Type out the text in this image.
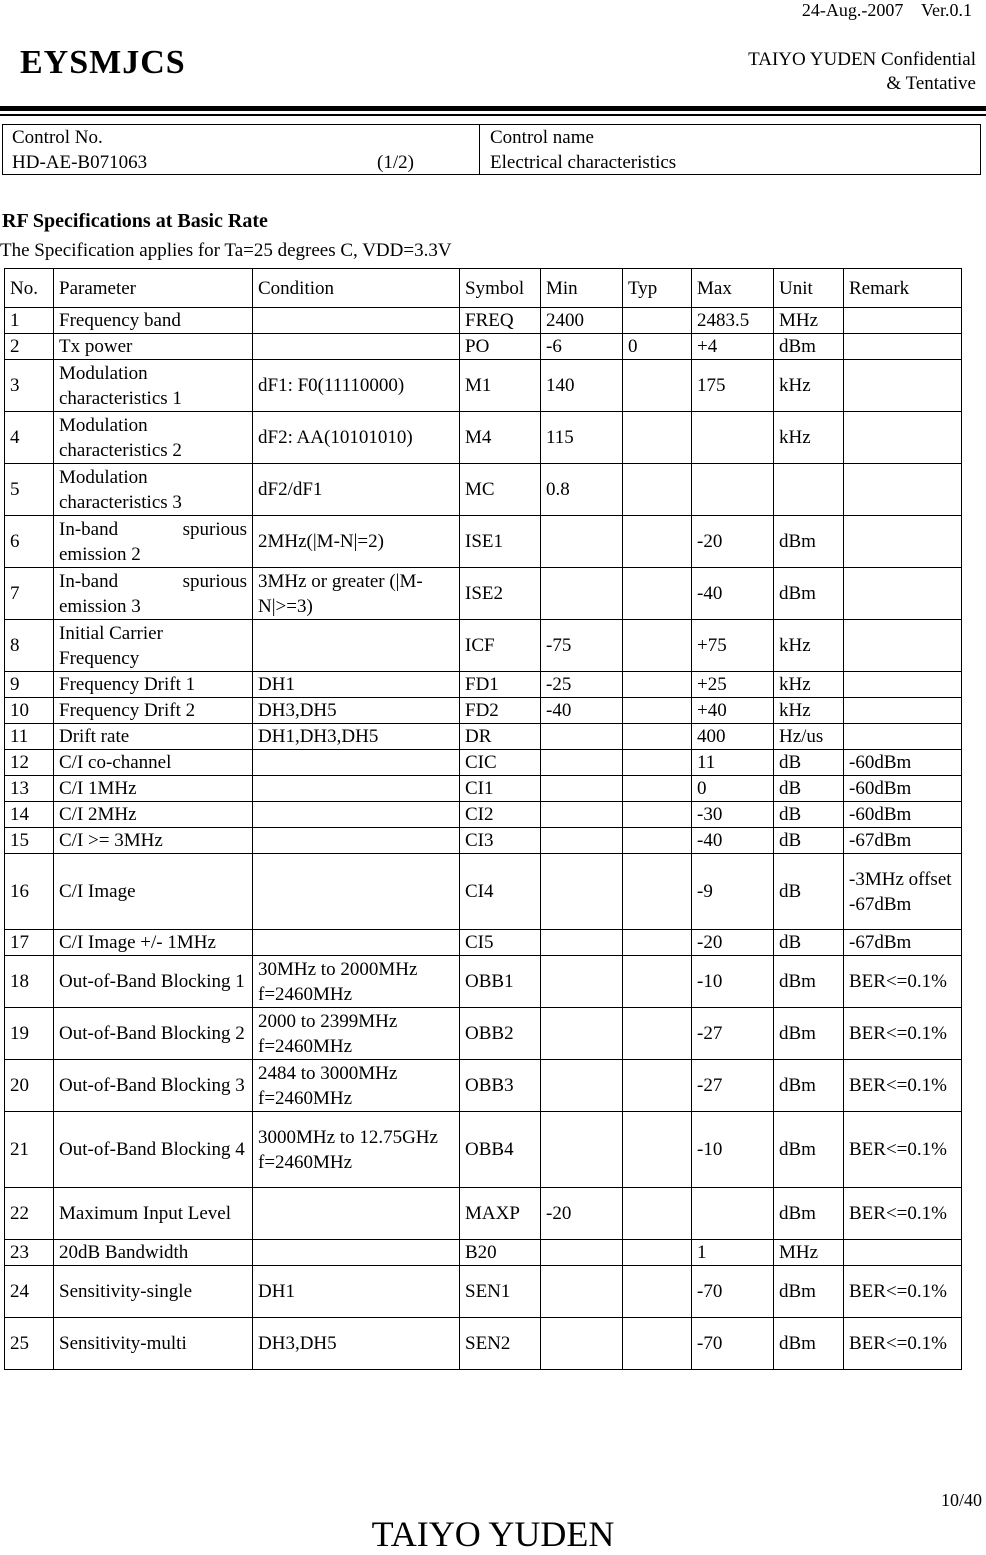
24-Aug.-2007    Ver.0.1
EYSMJCS	TAIYO YUDEN Confidential
& Tentative
Control No.
HD-AE-B071063	(1/2)
Control name
Electrical characteristics
RF Specifications at Basic Rate
The Specification applies for Ta=25 degrees C, VDD=3.3V
No.	Parameter	Condition	Symbol	Min	Typ	Max	Unit	Remark
1	Frequency band		FREQ	2400		2483.5	MHz	
2	Tx power		PO	-6	0	+4	dBm	
3	Modulation characteristics 1	dF1: F0(11110000)	M1	140		175	kHz	
4	Modulation characteristics 2	dF2: AA(10101010)	M4	115			kHz	
5	Modulation characteristics 3	dF2/dF1	MC	0.8				
6	In-band spurious emission 2	2MHz(|M-N|=2)	ISE1			-20	dBm	
7	In-band spurious emission 3	3MHz or greater (|M-N|>=3)	ISE2			-40	dBm	
8	Initial Carrier Frequency		ICF	-75		+75	kHz	
9	Frequency Drift 1	DH1	FD1	-25		+25	kHz	
10	Frequency Drift 2	DH3,DH5	FD2	-40		+40	kHz	
11	Drift rate	DH1,DH3,DH5	DR			400	Hz/us	
12	C/I co-channel		CIC			11	dB	-60dBm
13	C/I 1MHz		CI1			0	dB	-60dBm
14	C/I 2MHz		CI2			-30	dB	-60dBm
15	C/I >= 3MHz		CI3			-40	dB	-67dBm
16	C/I Image		CI4			-9	dB	-3MHz offset -67dBm
17	C/I Image +/- 1MHz		CI5			-20	dB	-67dBm
18	Out-of-Band Blocking 1	30MHz to 2000MHz f=2460MHz	OBB1			-10	dBm	BER<=0.1%
19	Out-of-Band Blocking 2	2000 to 2399MHz f=2460MHz	OBB2			-27	dBm	BER<=0.1%
20	Out-of-Band Blocking 3	2484 to 3000MHz f=2460MHz	OBB3			-27	dBm	BER<=0.1%
21	Out-of-Band Blocking 4	3000MHz to 12.75GHz f=2460MHz	OBB4			-10	dBm	BER<=0.1%
22	Maximum Input Level		MAXP	-20			dBm	BER<=0.1%
23	20dB Bandwidth		B20			1	MHz	
24	Sensitivity-single	DH1	SEN1			-70	dBm	BER<=0.1%
25	Sensitivity-multi	DH3,DH5	SEN2			-70	dBm	BER<=0.1%
10/40
TAIYO YUDEN
